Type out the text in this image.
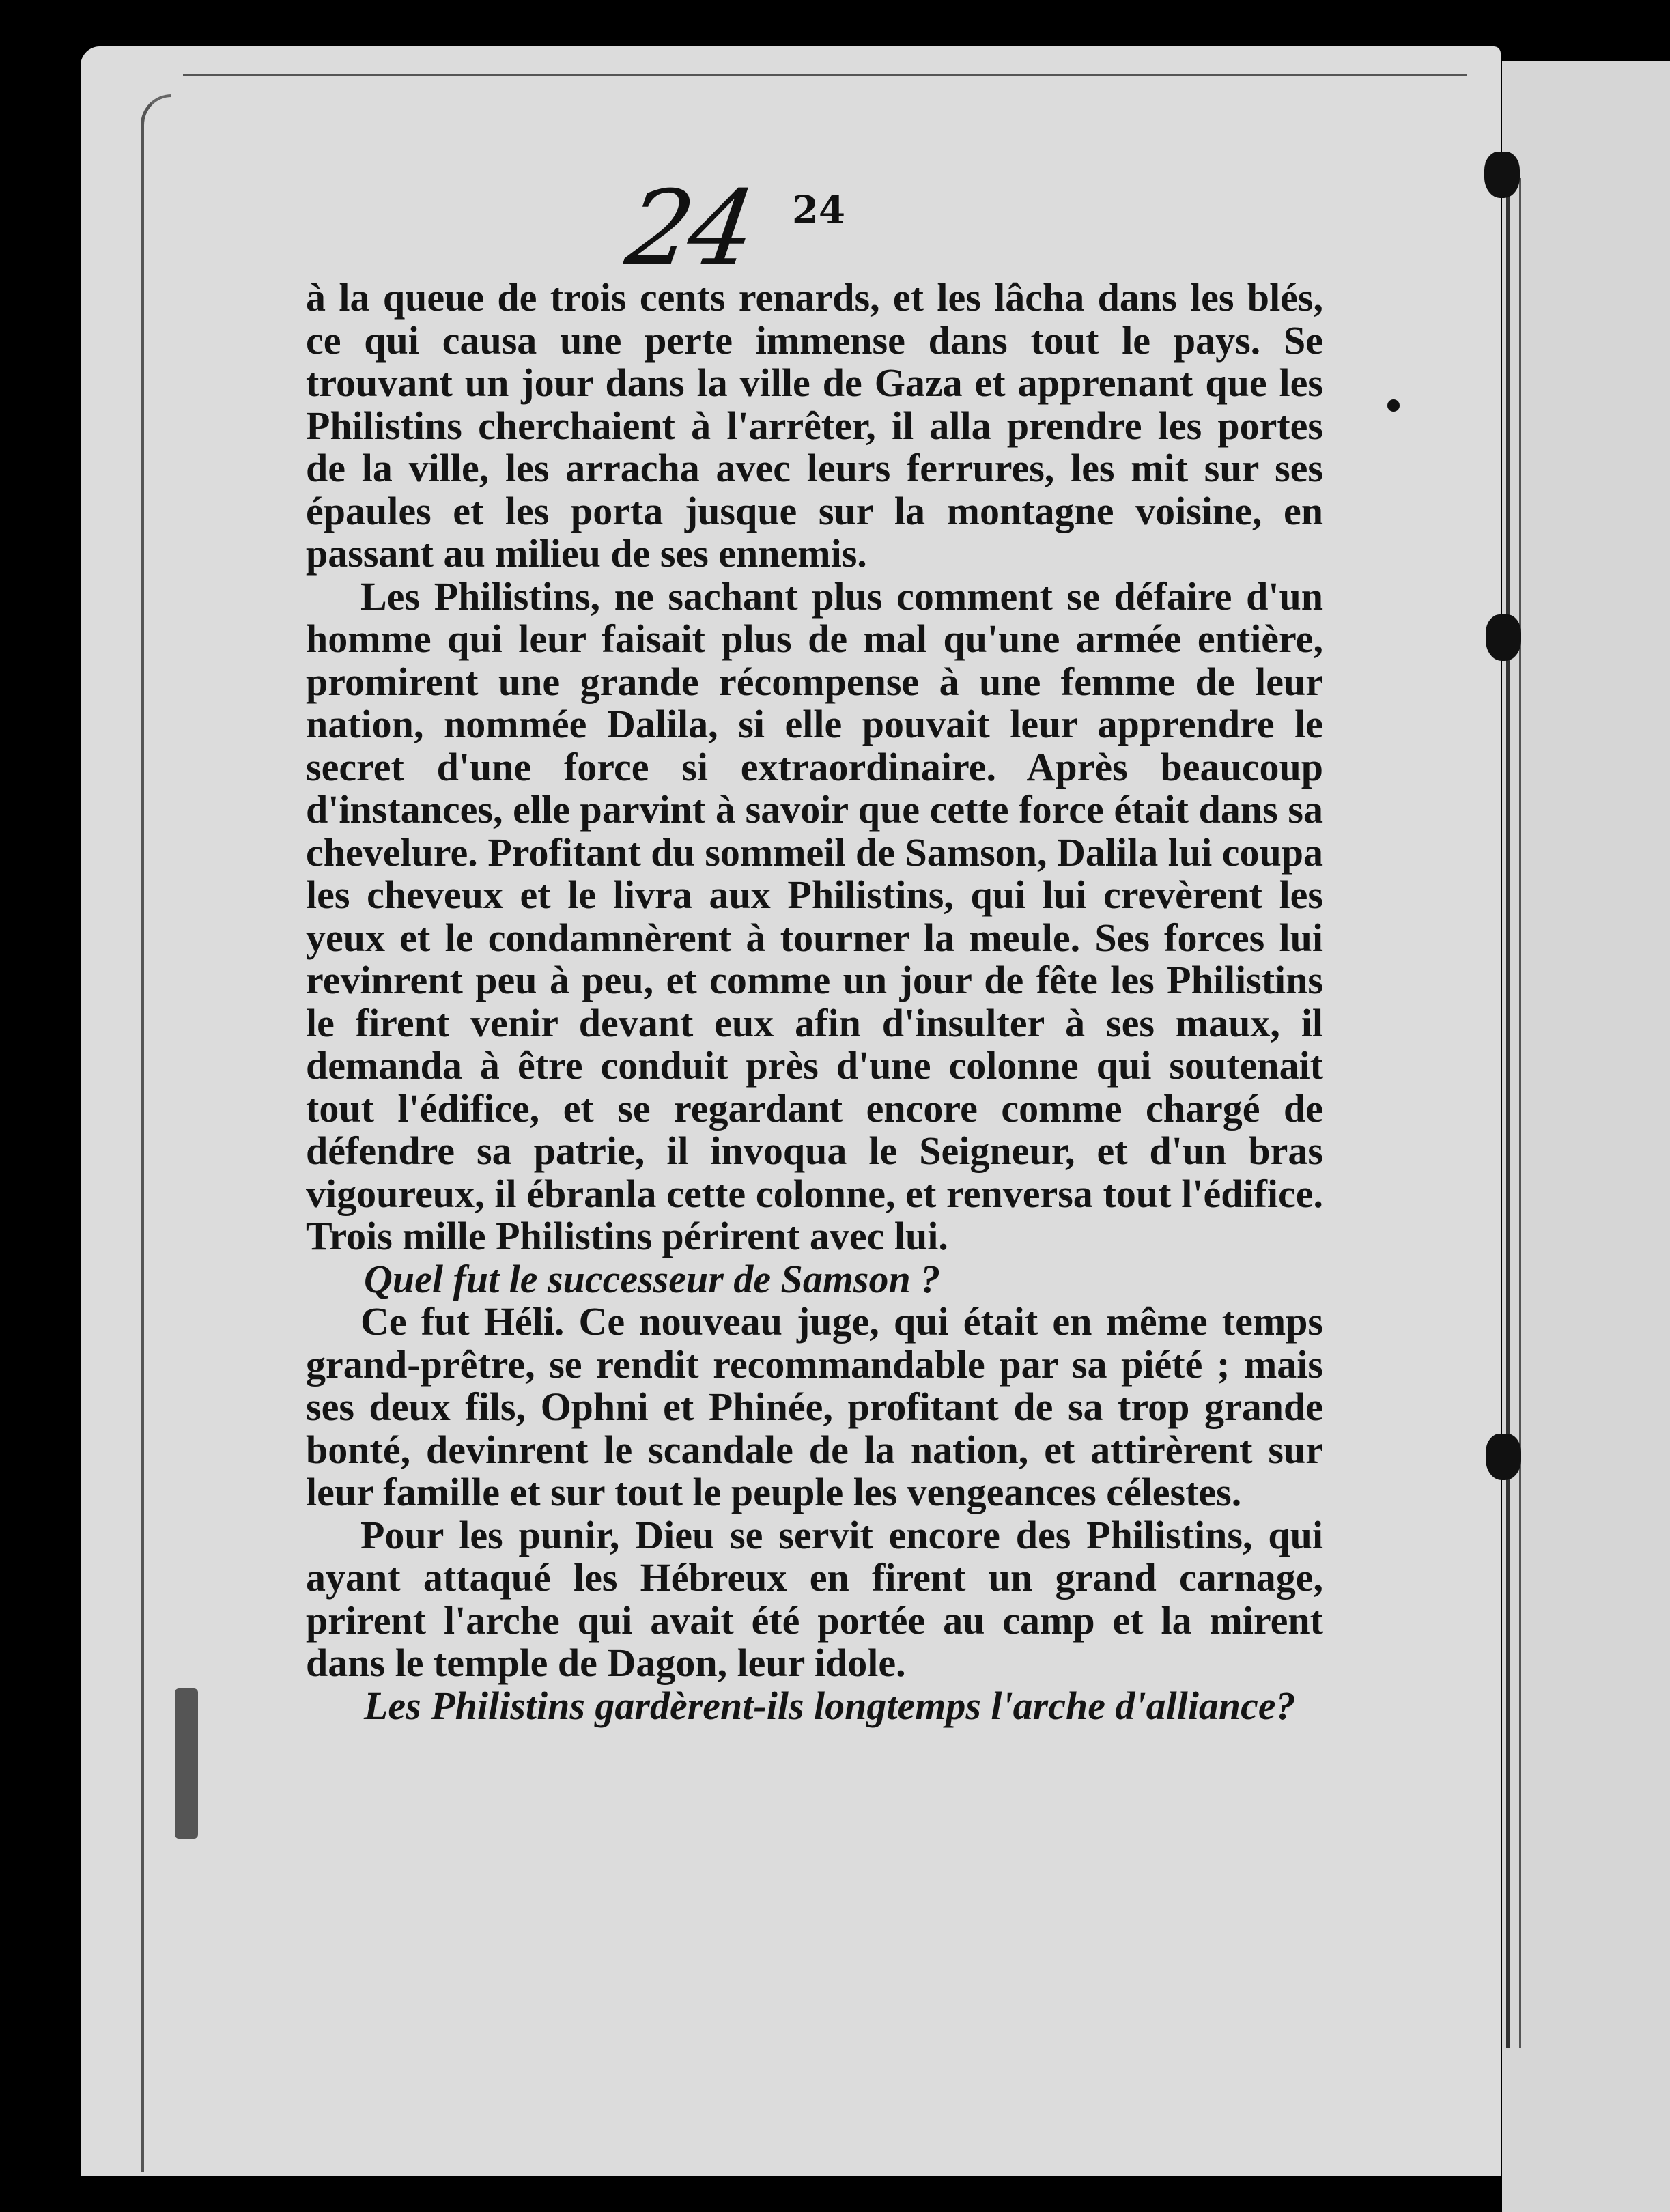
24 24

à la queue de trois cents renards, et les lâcha dans les blés, ce qui causa une perte immense dans tout le pays. Se trouvant un jour dans la ville de Gaza et apprenant que les Philistins cherchaient à l'arrêter, il alla prendre les portes de la ville, les arracha avec leurs ferrures, les mit sur ses épaules et les porta jusque sur la montagne voisine, en passant au milieu de ses ennemis.

Les Philistins, ne sachant plus comment se défaire d'un homme qui leur faisait plus de mal qu'une armée entière, promirent une grande récompense à une femme de leur nation, nommée Dalila, si elle pouvait leur apprendre le secret d'une force si extraordinaire. Après beaucoup d'instances, elle parvint à savoir que cette force était dans sa chevelure. Profitant du sommeil de Samson, Dalila lui coupa les cheveux et le livra aux Philistins, qui lui crevèrent les yeux et le condamnèrent à tourner la meule. Ses forces lui revinrent peu à peu, et comme un jour de fête les Philistins le firent venir devant eux afin d'insulter à ses maux, il demanda à être conduit près d'une colonne qui soutenait tout l'édifice, et se regardant encore comme chargé de défendre sa patrie, il invoqua le Seigneur, et d'un bras vigoureux, il ébranla cette colonne, et renversa tout l'édifice. Trois mille Philistins périrent avec lui.

Quel fut le successeur de Samson ?

Ce fut Héli. Ce nouveau juge, qui était en même temps grand-prêtre, se rendit recommandable par sa piété ; mais ses deux fils, Ophni et Phinée, profitant de sa trop grande bonté, devinrent le scandale de la nation, et attirèrent sur leur famille et sur tout le peuple les vengeances célestes.

Pour les punir, Dieu se servit encore des Philistins, qui ayant attaqué les Hébreux en firent un grand carnage, prirent l'arche qui avait été portée au camp et la mirent dans le temple de Dagon, leur idole.

Les Philistins gardèrent-ils longtemps l'arche d'alliance?
